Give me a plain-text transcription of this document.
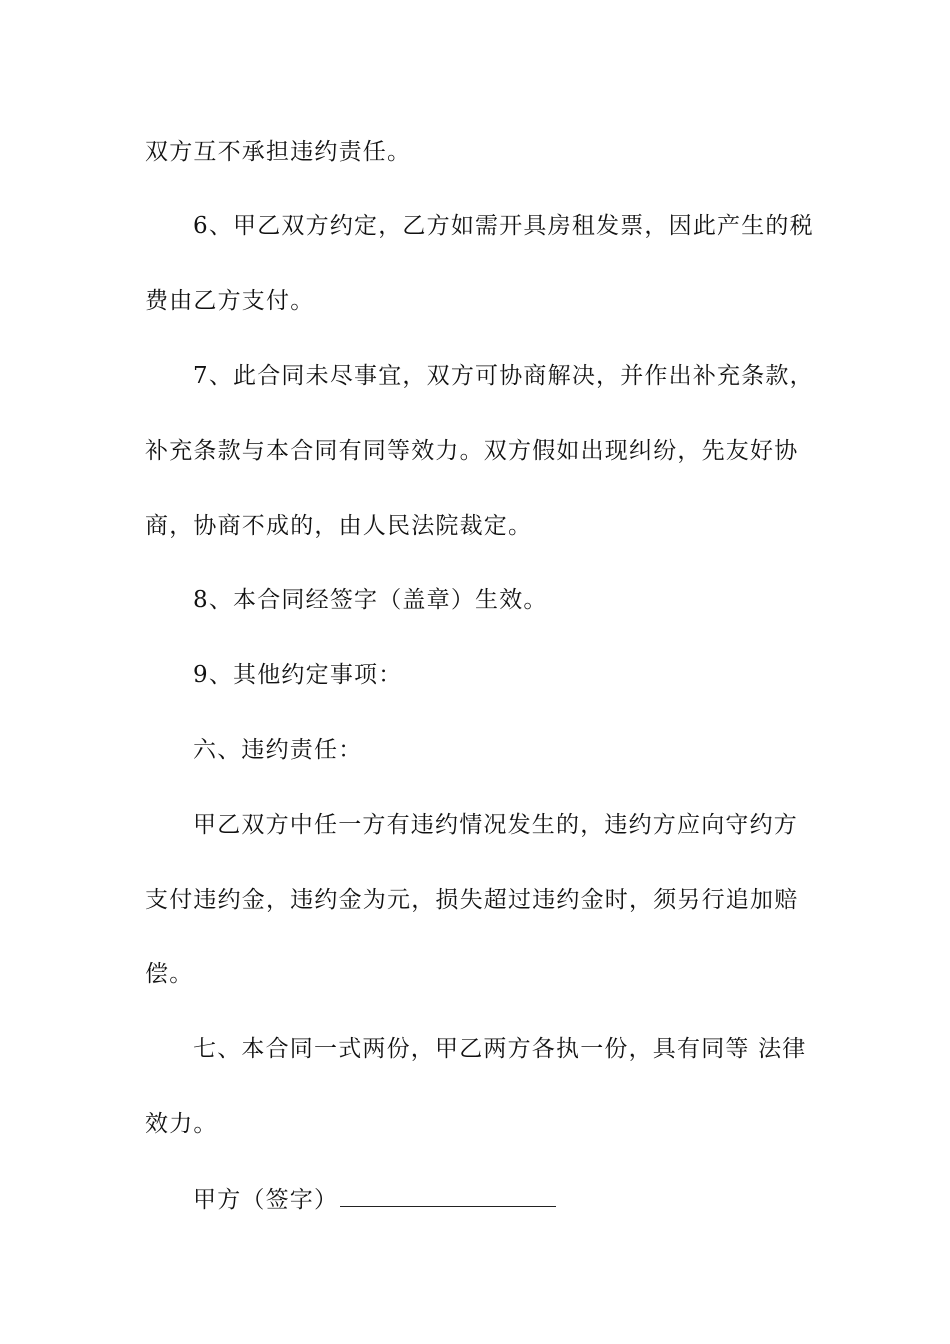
双方互不承担违约责任。
6、甲乙双方约定，乙方如需开具房租发票，因此产生的税
费由乙方支付。
7、此合同未尽事宜，双方可协商解决，并作出补充条款，
补充条款与本合同有同等效力。双方假如出现纠纷，先友好协
商，协商不成的，由人民法院裁定。
8、本合同经签字（盖章）生效。
9、其他约定事项：
六、违约责任：
甲乙双方中任一方有违约情况发生的，违约方应向守约方
支付违约金，违约金为元，损失超过违约金时，须另行追加赔
偿。
七、本合同一式两份，甲乙两方各执一份，具有同等 法律
效力。
甲方（签字）
